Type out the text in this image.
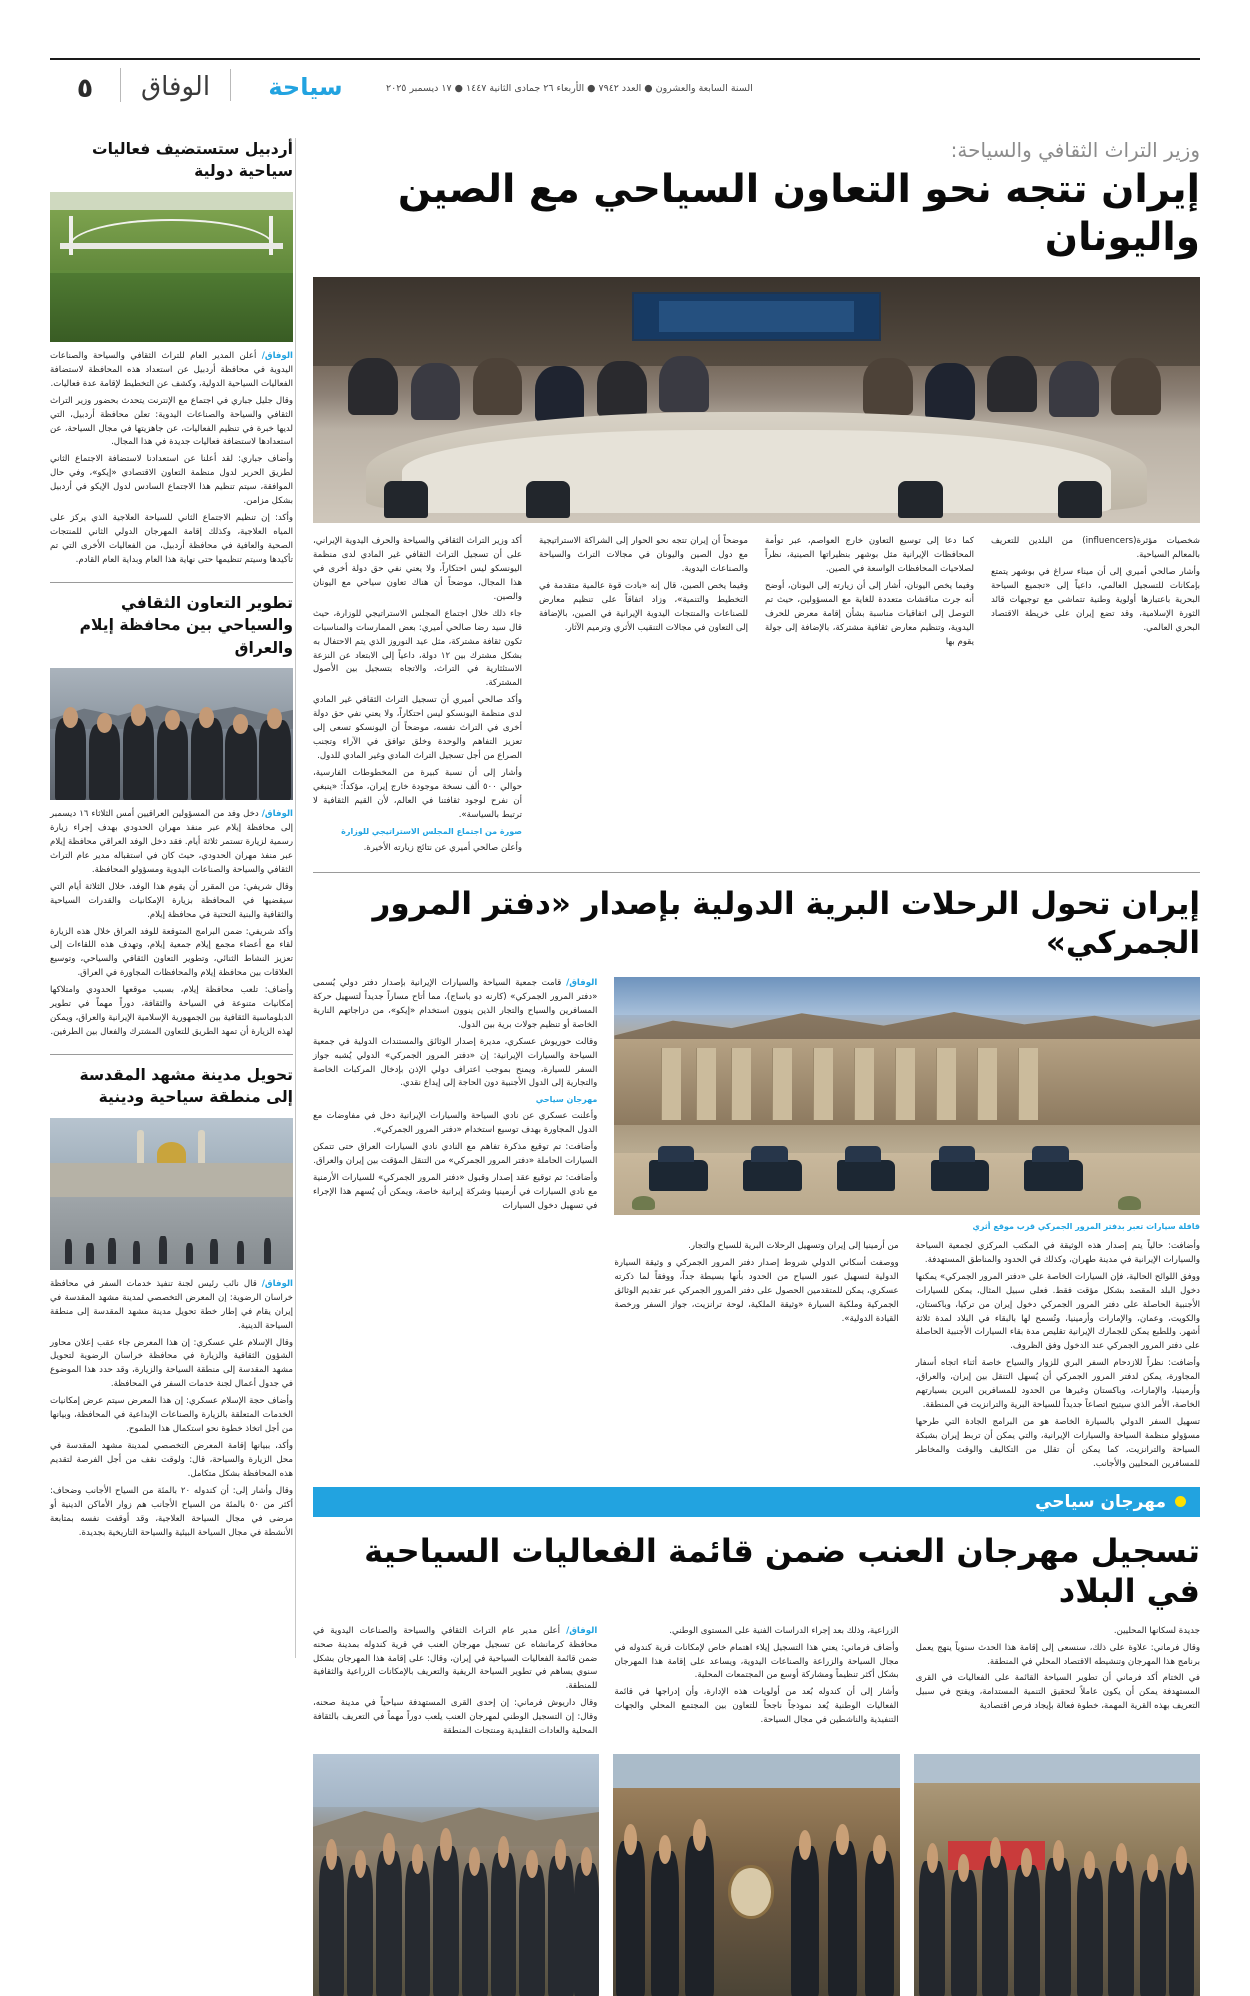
٥	الوفاق	سياحة	السنة السابعة والعشرون ● العدد ٧٩٤٢ ● الأربعاء ٢٦ جمادى الثانية ١٤٤٧ ● ١٧ ديسمبر ٢٠٢٥
أردبيل ستستضيف فعاليات سياحية دولية

الوفاق/ أعلن المدير العام للتراث الثقافي والسياحة والصناعات اليدوية في محافظة أردبيل عن استعداد هذه المحافظة لاستضافة الفعاليات السياحية الدولية، وكشف عن التخطيط لإقامة عدة فعاليات.

وقال جليل جباري في اجتماع مع الإنترنت يتحدث بحضور وزير التراث الثقافي والسياحة والصناعات اليدوية: تعلن محافظة أردبيل، التي لديها خبرة في تنظيم الفعاليات، عن جاهزيتها في مجال السياحة، عن استعدادها لاستضافة فعاليات جديدة في هذا المجال.

وأضاف جباري: لقد أعلنا عن استعدادنا لاستضافة الاجتماع الثاني لطريق الحرير لدول منظمة التعاون الاقتصادي «إيكو»، وفي حال الموافقة، سيتم تنظيم هذا الاجتماع السادس لدول الإيكو في أردبيل بشكل مزامن.

وأكد: إن تنظيم الاجتماع الثاني للسياحة العلاجية الذي يركز على المياه العلاجية، وكذلك إقامة المهرجان الدولي الثاني للمنتجات الصحية والعافية في محافظة أردبيل، من الفعاليات الأخرى التي تم تأكيدها وسيتم تنظيمها حتى نهاية هذا العام وبداية العام القادم.

تطوير التعاون الثقافي والسياحي بين محافظة إيلام والعراق

الوفاق/ دخل وفد من المسؤولين العراقيين أمس الثلاثاء ١٦ ديسمبر إلى محافظة إيلام عبر منفذ مهران الحدودي بهدف إجراء زيارة رسمية لزيارة تستمر ثلاثة أيام. فقد دخل الوفد العراقي محافظة إيلام عبر منفذ مهران الحدودي، حيث كان في استقباله مدير عام التراث الثقافي والسياحة والصناعات اليدوية ومسؤولو المحافظة.

وقال شريفي: من المقرر أن يقوم هذا الوفد، خلال الثلاثة أيام التي سيقضيها في المحافظة بزيارة الإمكانيات والقدرات السياحية والثقافية والبنية التحتية في محافظة إيلام.

وأكد شريفي: ضمن البرامج المتوقعة للوفد العراق خلال هذه الزيارة لقاء مع أعضاء مجمع إيلام جمعية إيلام، وتهدف هذه اللقاءات إلى تعزيز النشاط الثنائي، وتطوير التعاون الثقافي والسياحي، وتوسيع العلاقات بين محافظة إيلام والمحافظات المجاورة في العراق.

وأضاف: تلعب محافظة إيلام، بسبب موقعها الحدودي وامتلاكها إمكانيات متنوعة في السياحة والثقافة، دوراً مهماً في تطوير الدبلوماسية الثقافية بين الجمهورية الإسلامية الإيرانية والعراق، ويمكن لهذه الزيارة أن تمهد الطريق للتعاون المشترك والفعال بين الطرفين.

تحويل مدينة مشهد المقدسة إلى منطقة سياحية ودينية

الوفاق/ قال نائب رئيس لجنة تنفيذ خدمات السفر في محافظة خراسان الرضوية: إن المعرض التخصصي لمدينة مشهد المقدسة في إيران يقام في إطار خطة تحويل مدينة مشهد المقدسة إلى منطقة السياحة الدينية.

وقال الإسلام علي عسكري: إن هذا المعرض جاء عقب إعلان محاور الشؤون الثقافية والزيارة في محافظة خراسان الرضوية لتحويل مشهد المقدسة إلى منطقة السياحة والزيارة، وقد حدد هذا الموضوع في جدول أعمال لجنة خدمات السفر في المحافظة.

وأضاف حجة الإسلام عسكري: إن هذا المعرض سيتم عرض إمكانيات الخدمات المتعلقة بالزيارة والصناعات الإبداعية في المحافظة، وبيانها من أجل اتخاذ خطوة نحو استكمال هذا الطموح.

وأكد، ببيانها إقامة المعرض التخصصي لمدينة مشهد المقدسة في محل الزيارة والسياحة، قال: ولوقت نقف من أجل الفرصة لتقديم هذه المحافظة بشكل متكامل.

وقال وأشار إلى: أن كندوله ٢٠ بالمئة من السياح الأجانب وضحاف: أكثر من ٥٠ بالمئة من السياح الأجانب هم زوار الأماكن الدينية أو مرضى في مجال السياحة العلاجية، وقد أوقفت نفسه بمتابعة الأنشطة في مجال السياحة البيئية والسياحة التاريخية بجديدة.

وزير التراث الثقافي والسياحة:
إيران تتجه نحو التعاون السياحي مع الصين واليونان

شخصيات مؤثرة(influencers) من البلدين للتعريف بالمعالم السياحية.

وأشار صالحي أميري إلى أن ميناء سراغ في بوشهر يتمتع بإمكانات للتسجيل العالمي، داعياً إلى «تجميع السياحة البحرية باعتبارها أولوية وطنية تتماشى مع توجيهات قائد الثورة الإسلامية، وقد تضع إيران على خريطة الاقتصاد البحري العالمي.

كما دعا إلى توسيع التعاون خارج العواصم، عبر توأمة المحافظات الإيرانية مثل بوشهر بنظيراتها الصينية، نظراً لصلاحيات المحافظات الواسعة في الصين.

وفيما يخص اليونان، أشار إلى أن زيارته إلى اليونان، أوضح أنه جرت مناقشات متعددة للغاية مع المسؤولين، حيث تم التوصل إلى اتفاقيات مناسبة بشأن إقامة معرض للحرف اليدوية، وتنظيم معارض ثقافية مشتركة، بالإضافة إلى جولة يقوم بها

موضحاً أن إيران تتجه نحو الحوار إلى الشراكة الاستراتيجية مع دول الصين واليونان في مجالات التراث والسياحة والصناعات اليدوية.

وفيما يخص الصين، قال إنه «بادت قوة عالمية متقدمة في التخطيط والتنمية»، وزاد اتفاقاً على تنظيم معارض للصناعات والمنتجات اليدوية الإيرانية في الصين، بالإضافة إلى التعاون في مجالات التنقيب الأثري وترميم الآثار.

أكد وزير التراث الثقافي والسياحة والحرف اليدوية الإيراني، على أن تسجيل التراث الثقافي غير المادي لدى منظمة اليونسكو ليس احتكاراً، ولا يعني نفي حق دولة أخرى في هذا المجال، موضحاً أن هناك تعاون سياحي مع اليونان والصين.

جاء ذلك خلال اجتماع المجلس الاستراتيجي للوزارة، حيث قال سيد رضا صالحي أميري: بعض الممارسات والمناسبات تكون ثقافة مشتركة، مثل عيد النوروز الذي يتم الاحتفال به بشكل مشترك بين ١٢ دولة، داعياً إلى الابتعاد عن النزعة الاستئثارية في التراث، والاتجاه بتسجيل بين الأصول المشتركة.

وأكد صالحي أميري أن تسجيل التراث الثقافي غير المادي لدى منظمة اليونسكو ليس احتكاراً، ولا يعني نفي حق دولة أخرى في التراث نفسه، موضحاً أن اليونسكو تسعى إلى تعزيز التفاهم والوحدة وخلق توافق في الآراء وتجنب الصراع من أجل تسجيل التراث المادي وغير المادي للدول.

وأشار إلى أن نسبة كبيرة من المخطوطات الفارسية، حوالي ٥٠٠ ألف نسخة موجودة خارج إيران، مؤكداً: «ينبغي أن نفرح لوجود ثقافتنا في العالم، لأن القيم الثقافية لا ترتبط بالسياسة».

صورة من اجتماع المجلس الاستراتيجي للوزارة

وأعلن صالحي أميري عن نتائج زيارته الأخيرة.

إيران تحول الرحلات البرية الدولية بإصدار «دفتر المرور الجمركي»
قافلة سيارات تعبر بدفتر المرور الجمركي قرب موقع أثري

وأضافت: حالياً يتم إصدار هذه الوثيقة في المكتب المركزي لجمعية السياحة والسيارات الإيرانية في مدينة طهران، وكذلك في الحدود والمناطق المستهدفة.

ووفق اللوائح الحالية، فإن السيارات الخاصة على «دفتر المرور الجمركي» يمكنها دخول البلد المقصد بشكل مؤقت فقط. فعلى سبيل المثال، يمكن للسيارات الأجنبية الحاصلة على دفتر المرور الجمركي دخول إيران من تركيا، وباكستان، والكويت، وعمان، والإمارات وأرمينيا، وتُسمح لها بالبقاء في البلاد لمدة ثلاثة أشهر. وللطبع يمكن للجمارك الإيرانية تقليص مدة بقاء السيارات الأجنبية الحاصلة على دفتر المرور الجمركي عند الدخول وفق الظروف.

وأضافت: نظراً للازدحام السفر البري للزوار والسياح خاصة أثناء اتجاه أسفار المجاورة، يمكن لدفتر المرور الجمركي أن يُسهل التنقل بين إيران، والعراق، وأرمينيا، والإمارات، وباكستان وغيرها من الحدود للمسافرين البرين بسيارتهم الخاصة، الأمر الذي سيتيح اتصاعاً جديداً للسياحة البرية والترانزيت في المنطقة.

تسهيل السفر الدولي بالسيارة الخاصة هو من البرامج الجادة التي طرحها مسؤولو منظمة السياحة والسيارات الإيرانية، والتي يمكن أن تربط إيران بشبكة السياحة والترانزيت، كما يمكن أن تقلل من التكاليف والوقت والمخاطر للمسافرين المحليين والأجانب.

من أرمينيا إلى إيران وتسهيل الرحلات البرية للسياح والتجار.

ووصفت أسكاني الدولي شروط إصدار دفتر المرور الجمركي و وثيقة السيارة الدولية لتسهيل عبور السياح من الحدود بأنها بسيطة جداً، ووفقاً لما ذكرته عسكري، يمكن للمتقدمين الحصول على دفتر المرور الجمركي عبر تقديم الوثائق الجمركية وملكية السيارة «وثيقة الملكية، لوحة ترانزيت، جواز السفر ورخصة القيادة الدولية».

الوفاق/ قامت جمعية السياحة والسيارات الإيرانية بإصدار دفتر دولي يُسمى «دفتر المرور الجمركي» (كارنه دو باساج)، مما أتاح مساراً جديداً لتسهيل حركة المسافرين والسياح والتجار الذين ينوون استخدام «إيكو»، من دراجاتهم النارية الخاصة أو تنظيم جولات برية بين الدول.

وقالت حوريوش عسكري، مديرة إصدار الوثائق والمستندات الدولية في جمعية السياحة والسيارات الإيرانية: إن «دفتر المرور الجمركي» الدولي يُشبه جواز السفر للسيارة، ويمنح بموجب اعتراف دولي الإذن بإدخال المركبات الخاصة والتجارية إلى الدول الأجنبية دون الحاجة إلى إيداع نقدي.

مهرجان سياحي

وأعلنت عسكري عن نادي السياحة والسيارات الإيرانية دخل في مفاوضات مع الدول المجاورة بهدف توسيع استخدام «دفتر المرور الجمركي».

وأضافت: تم توقيع مذكرة تفاهم مع النادي نادي السيارات العراق حتى تتمكن السيارات الحاملة «دفتر المرور الجمركي» من التنقل المؤقت بين إيران والعراق.

وأضافت: تم توقيع عقد إصدار وقبول «دفتر المرور الجمركي» للسيارات الأرمنية مع نادي السيارات في أرمينيا وشركة إيرانية خاصة، ويمكن أن يُسهم هذا الإجراء في تسهيل دخول السيارات

مهرجان سياحي
تسجيل مهرجان العنب ضمن قائمة الفعاليات السياحية في البلاد

جديدة لسكانها المحليين.

وقال فرماني: علاوة على ذلك، سنسعى إلى إقامة هذا الحدث سنوياً ينهج يعمل برنامج هذا المهرجان وتنشيطه الاقتصاد المحلي في المنطقة.

في الختام أكد فرماني أن تطوير السياحة القائمة على الفعاليات في القرى المستهدفة يمكن أن يكون عاملاً لتحقيق التنمية المستدامة، ويفتح في سبيل التعريف بهذه القرية المهمة، خطوة فعالة بإيجاد فرص اقتصادية

الزراعية، وذلك بعد إجراء الدراسات الفنية على المستوى الوطني.

وأضاف فرماني: يعني هذا التسجيل إيلاء اهتمام خاص لإمكانات قرية كندوله في مجال السياحة والزراعة والصناعات اليدوية، ويساعد على إقامة هذا المهرجان بشكل أكثر تنظيماً ومشاركة أوسع من المجتمعات المحلية.

وأشار إلى أن كندوله بُعد من أولويات هذه الإدارة، وأن إدراجها في قائمة الفعاليات الوطنية يُعد نموذجاً ناجحاً للتعاون بين المجتمع المحلي والجهات التنفيذية والناشطين في مجال السياحة.

الوفاق/ أعلن مدير عام التراث الثقافي والسياحة والصناعات اليدوية في محافظة كرمانشاه عن تسجيل مهرجان العنب في قرية كندوله بمدينة صحنه ضمن قائمة الفعاليات السياحية في إيران، وقال: على إقامة هذا المهرجان بشكل سنوي يساهم في تطوير السياحة الريفية والتعريف بالإمكانات الزراعية والثقافية للمنطقة.

وقال داريوش فرماني: إن إحدى القرى المستهدفة سياحياً في مدينة صحنه، وقال: إن التسجيل الوطني لمهرجان العنب يلعب دوراً مهماً في التعريف بالثقافة المحلية والعادات التقليدية ومنتجات المنطقة
